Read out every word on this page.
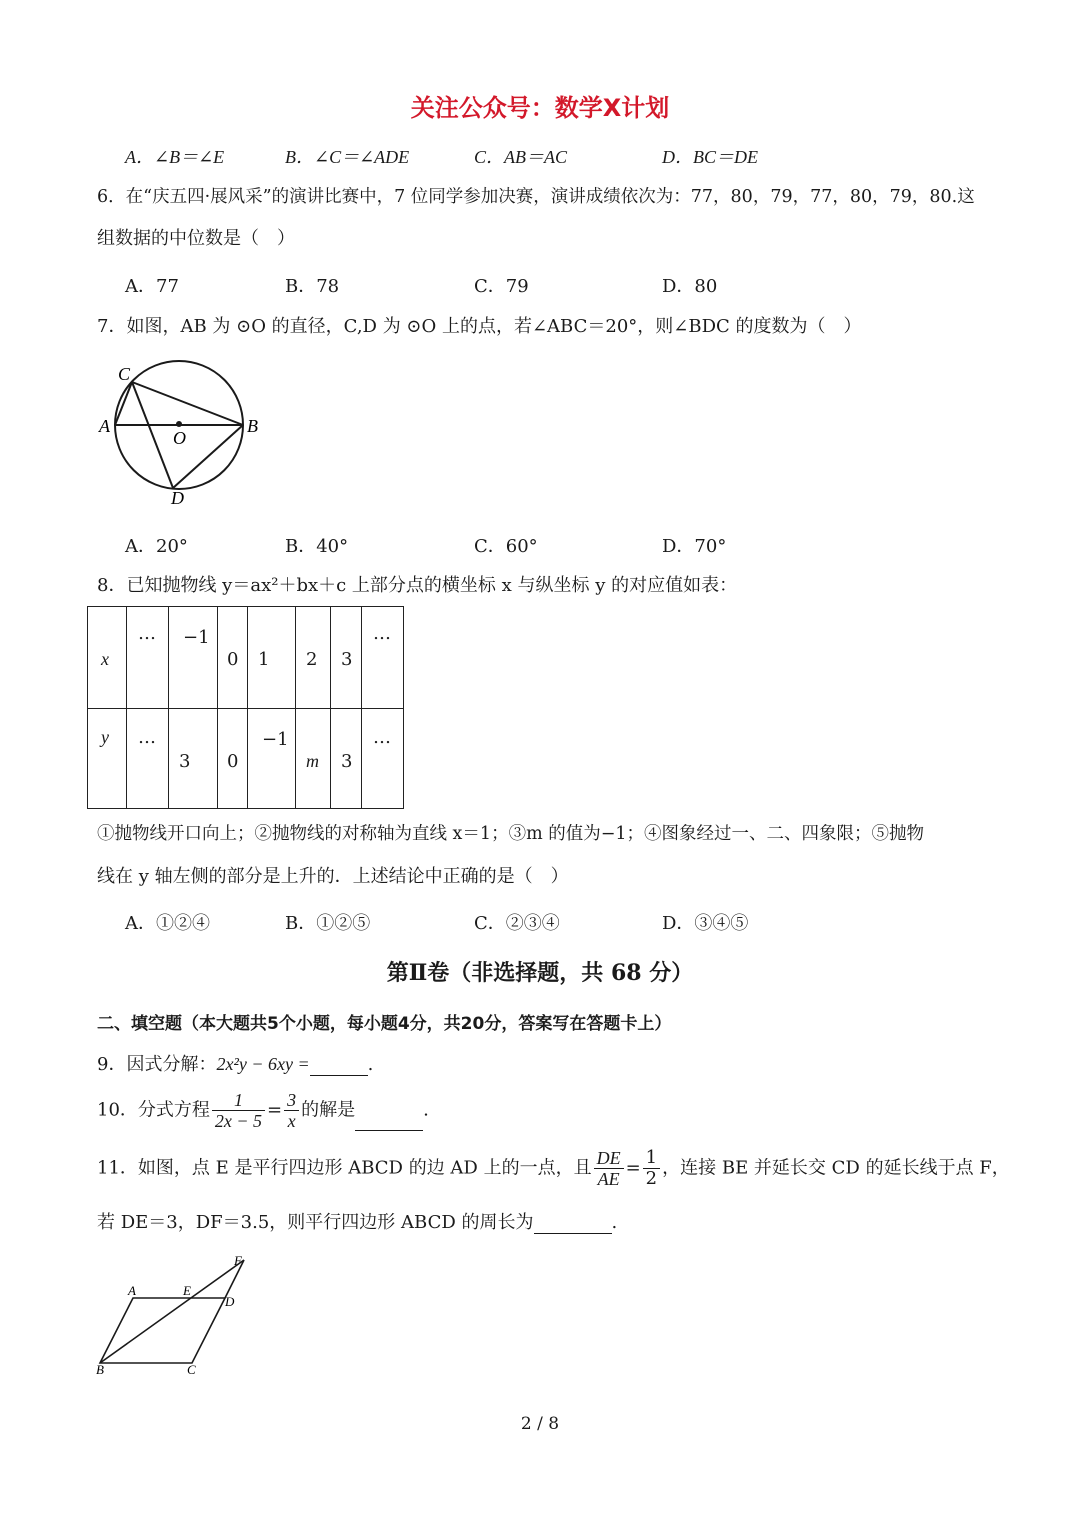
关注公众号：数学X计划
A．∠B＝∠E	B．∠C＝∠ADE	C．AB＝AC	D．BC＝DE
6．在“庆五四·展风采”的演讲比赛中，7 位同学参加决赛，演讲成绩依次为：77，80，79，77，80，79，80.这
组数据的中位数是（　）
A．77	B．78	C．79	D．80
7．如图，AB 为 ⊙O 的直径，C,D 为 ⊙O 上的点，若∠ABC＝20°，则∠BDC 的度数为（　）
C
A
O
B
D
A．20°	B．40°	C．60°	D．70°
8．已知抛物线 y＝ax²＋bx＋c 上部分点的横坐标 x 与纵坐标 y 的对应值如表：
x	…	−1	0	1	2	3	…

y	…	3	0	−1	m	3	…
①抛物线开口向上；②抛物线的对称轴为直线 x＝1；③m 的值为−1；④图象经过一、二、四象限；⑤抛物
线在 y 轴左侧的部分是上升的．上述结论中正确的是（　）
A．①②④	B．①②⑤	C．②③④	D．③④⑤
第Ⅱ卷（非选择题，共 68 分）
二、填空题（本大题共5个小题，每小题4分，共20分，答案写在答题卡上）
9．因式分解：2x²y − 6xy =	.
10．分式方程 $\frac{1}{2x - 5} = \frac{3}{x}$ 的解是	.
11．如图，点 E 是平行四边形 ABCD 的边 AD 上的一点，且 $\frac{DE}{AE} = \frac{1}{2}$ ，连接 BE 并延长交 CD 的延长线于点 F，
若 DE＝3，DF＝3.5，则平行四边形 ABCD 的周长为	.
A	E
F
D
B	C
2 / 8
